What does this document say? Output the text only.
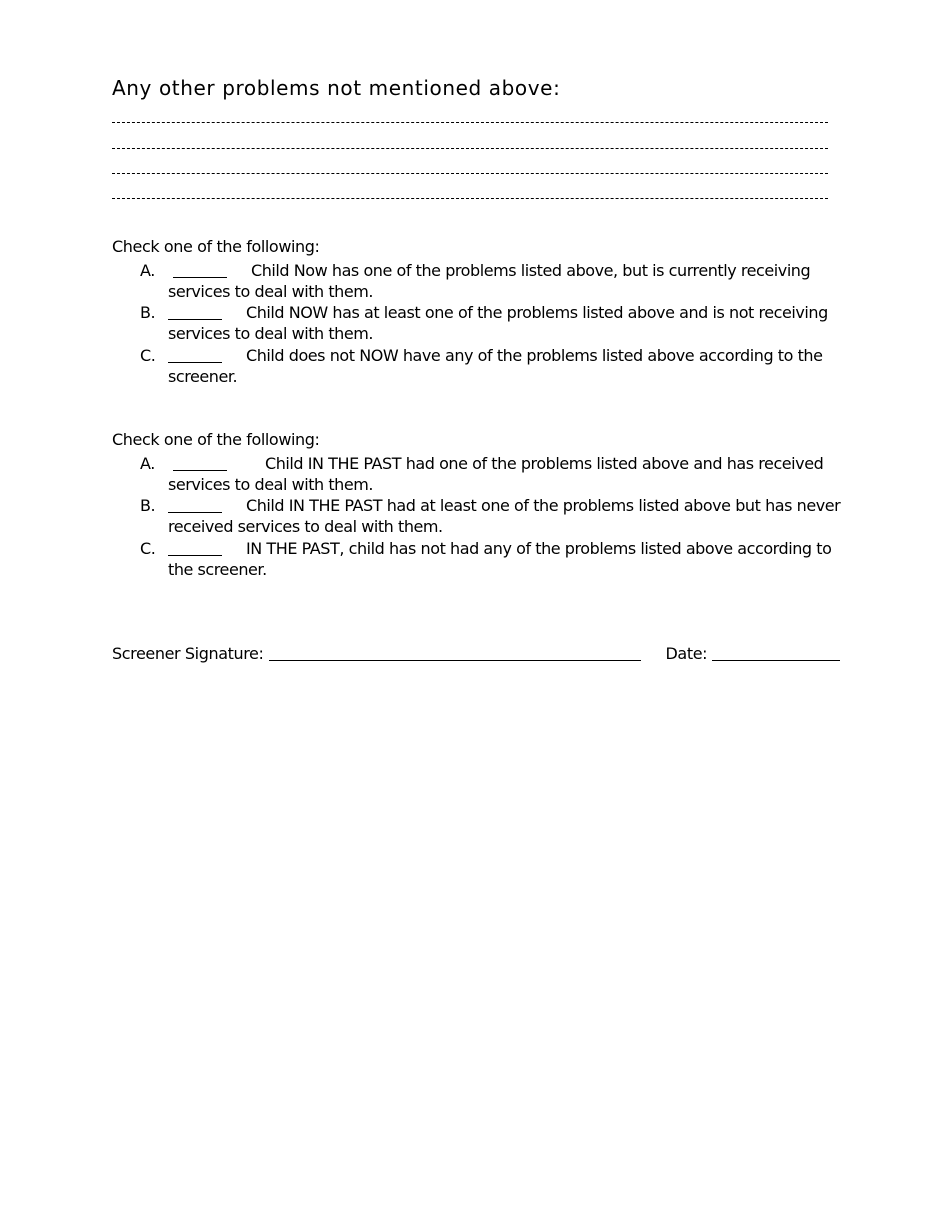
Any other problems not mentioned above:
Check one of the following:
A.	Child Now has one of the problems listed above, but is currently receiving services to deal with them.
B.	Child NOW has at least one of the problems listed above and is not receiving services to deal with them.
C.	Child does not NOW have any of the problems listed above according to the screener.
Check one of the following:
A.	Child IN THE PAST had one of the problems listed above and has received services to deal with them.
B.	Child IN THE PAST had at least one of the problems listed above but has never received services to deal with them.
C.	IN THE PAST, child has not had any of the problems listed above according to the screener.
Screener Signature:	Date:
